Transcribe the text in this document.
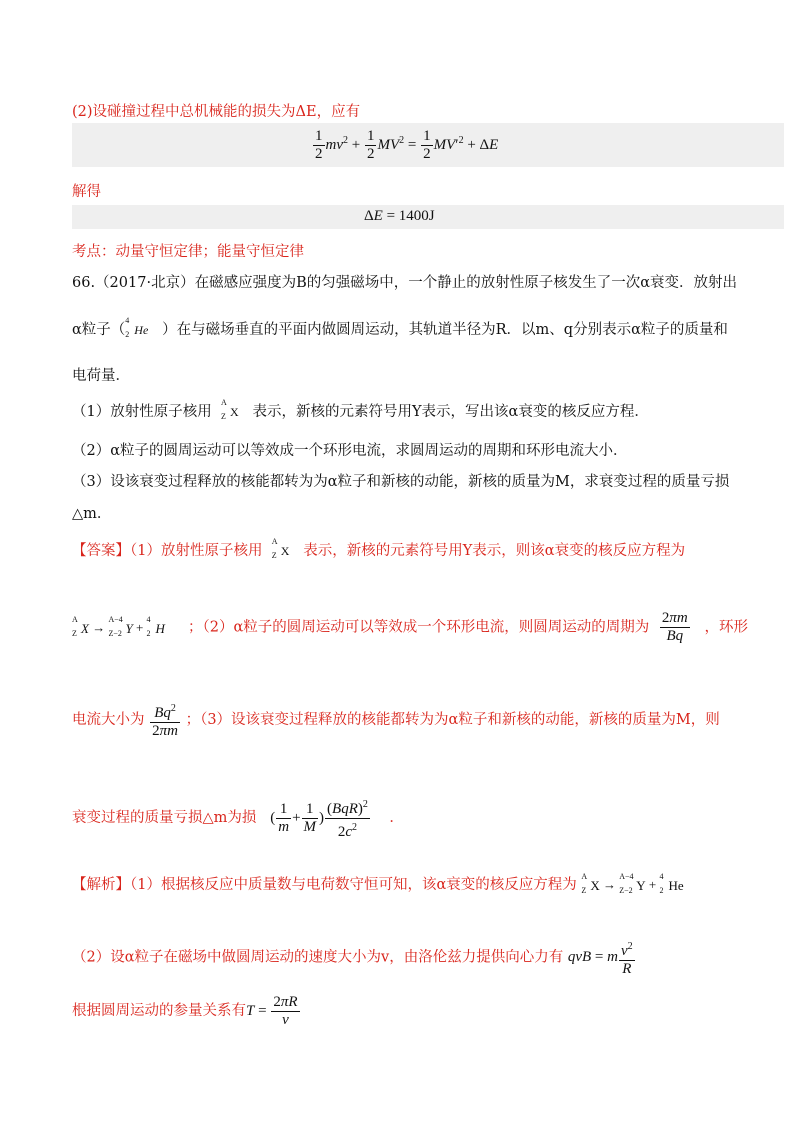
(2)设碰撞过程中总机械能的损失为ΔE，应有
$\frac{1}{2} mv^2 + \frac{1}{2} MV^2 = \frac{1}{2} MV'^2 + \Delta E$
解得
ΔE = 1400J
考点：动量守恒定律；能量守恒定律
66.（2017·北京）在磁感应强度为B的匀强磁场中，一个静止的放射性原子核发生了一次α衰变．放射出
α粒子（
4
2 He ）在与磁场垂直的平面内做圆周运动，其轨道半径为R．以m、q分别表示α粒子的质量和
电荷量．
（1）放射性原子核用
A
Z X 表示，新核的元素符号用Y表示，写出该α衰变的核反应方程．
（2）α粒子的圆周运动可以等效成一个环形电流，求圆周运动的周期和环形电流大小．
（3）设该衰变过程释放的核能都转为为α粒子和新核的动能，新核的质量为M，求衰变过程的质量亏损
△m．
【答案】（1）放射性原子核用
A
Z X 表示，新核的元素符号用Y表示，则该α衰变的核反应方程为
A
Z X →
A−4
Z−2 Y +
4
2 H ；（2）α粒子的圆周运动可以等效成一个环形电流，则圆周运动的周期为 $\frac{2\pi m}{Bq}$ ，环形
电流大小为 $\frac{Bq^2}{2\pi m}$ ；（3）设该衰变过程释放的核能都转为为α粒子和新核的动能，新核的质量为M，则
衰变过程的质量亏损△m为损 ( $\frac{1}{m} + \frac{1}{M}$ ) $\frac{(BqR)^2}{2c^2}$ ．
【解析】（1）根据核反应中质量数与电荷数守恒可知，该α衰变的核反应方程为
A
Z X →
A−4
Z−2 Y +
4
2 He
（2）设α粒子在磁场中做圆周运动的速度大小为v，由洛伦兹力提供向心力有 qvB = m $\frac{v^2}{R}$
根据圆周运动的参量关系有$T = \frac{2\pi R}{v}$
